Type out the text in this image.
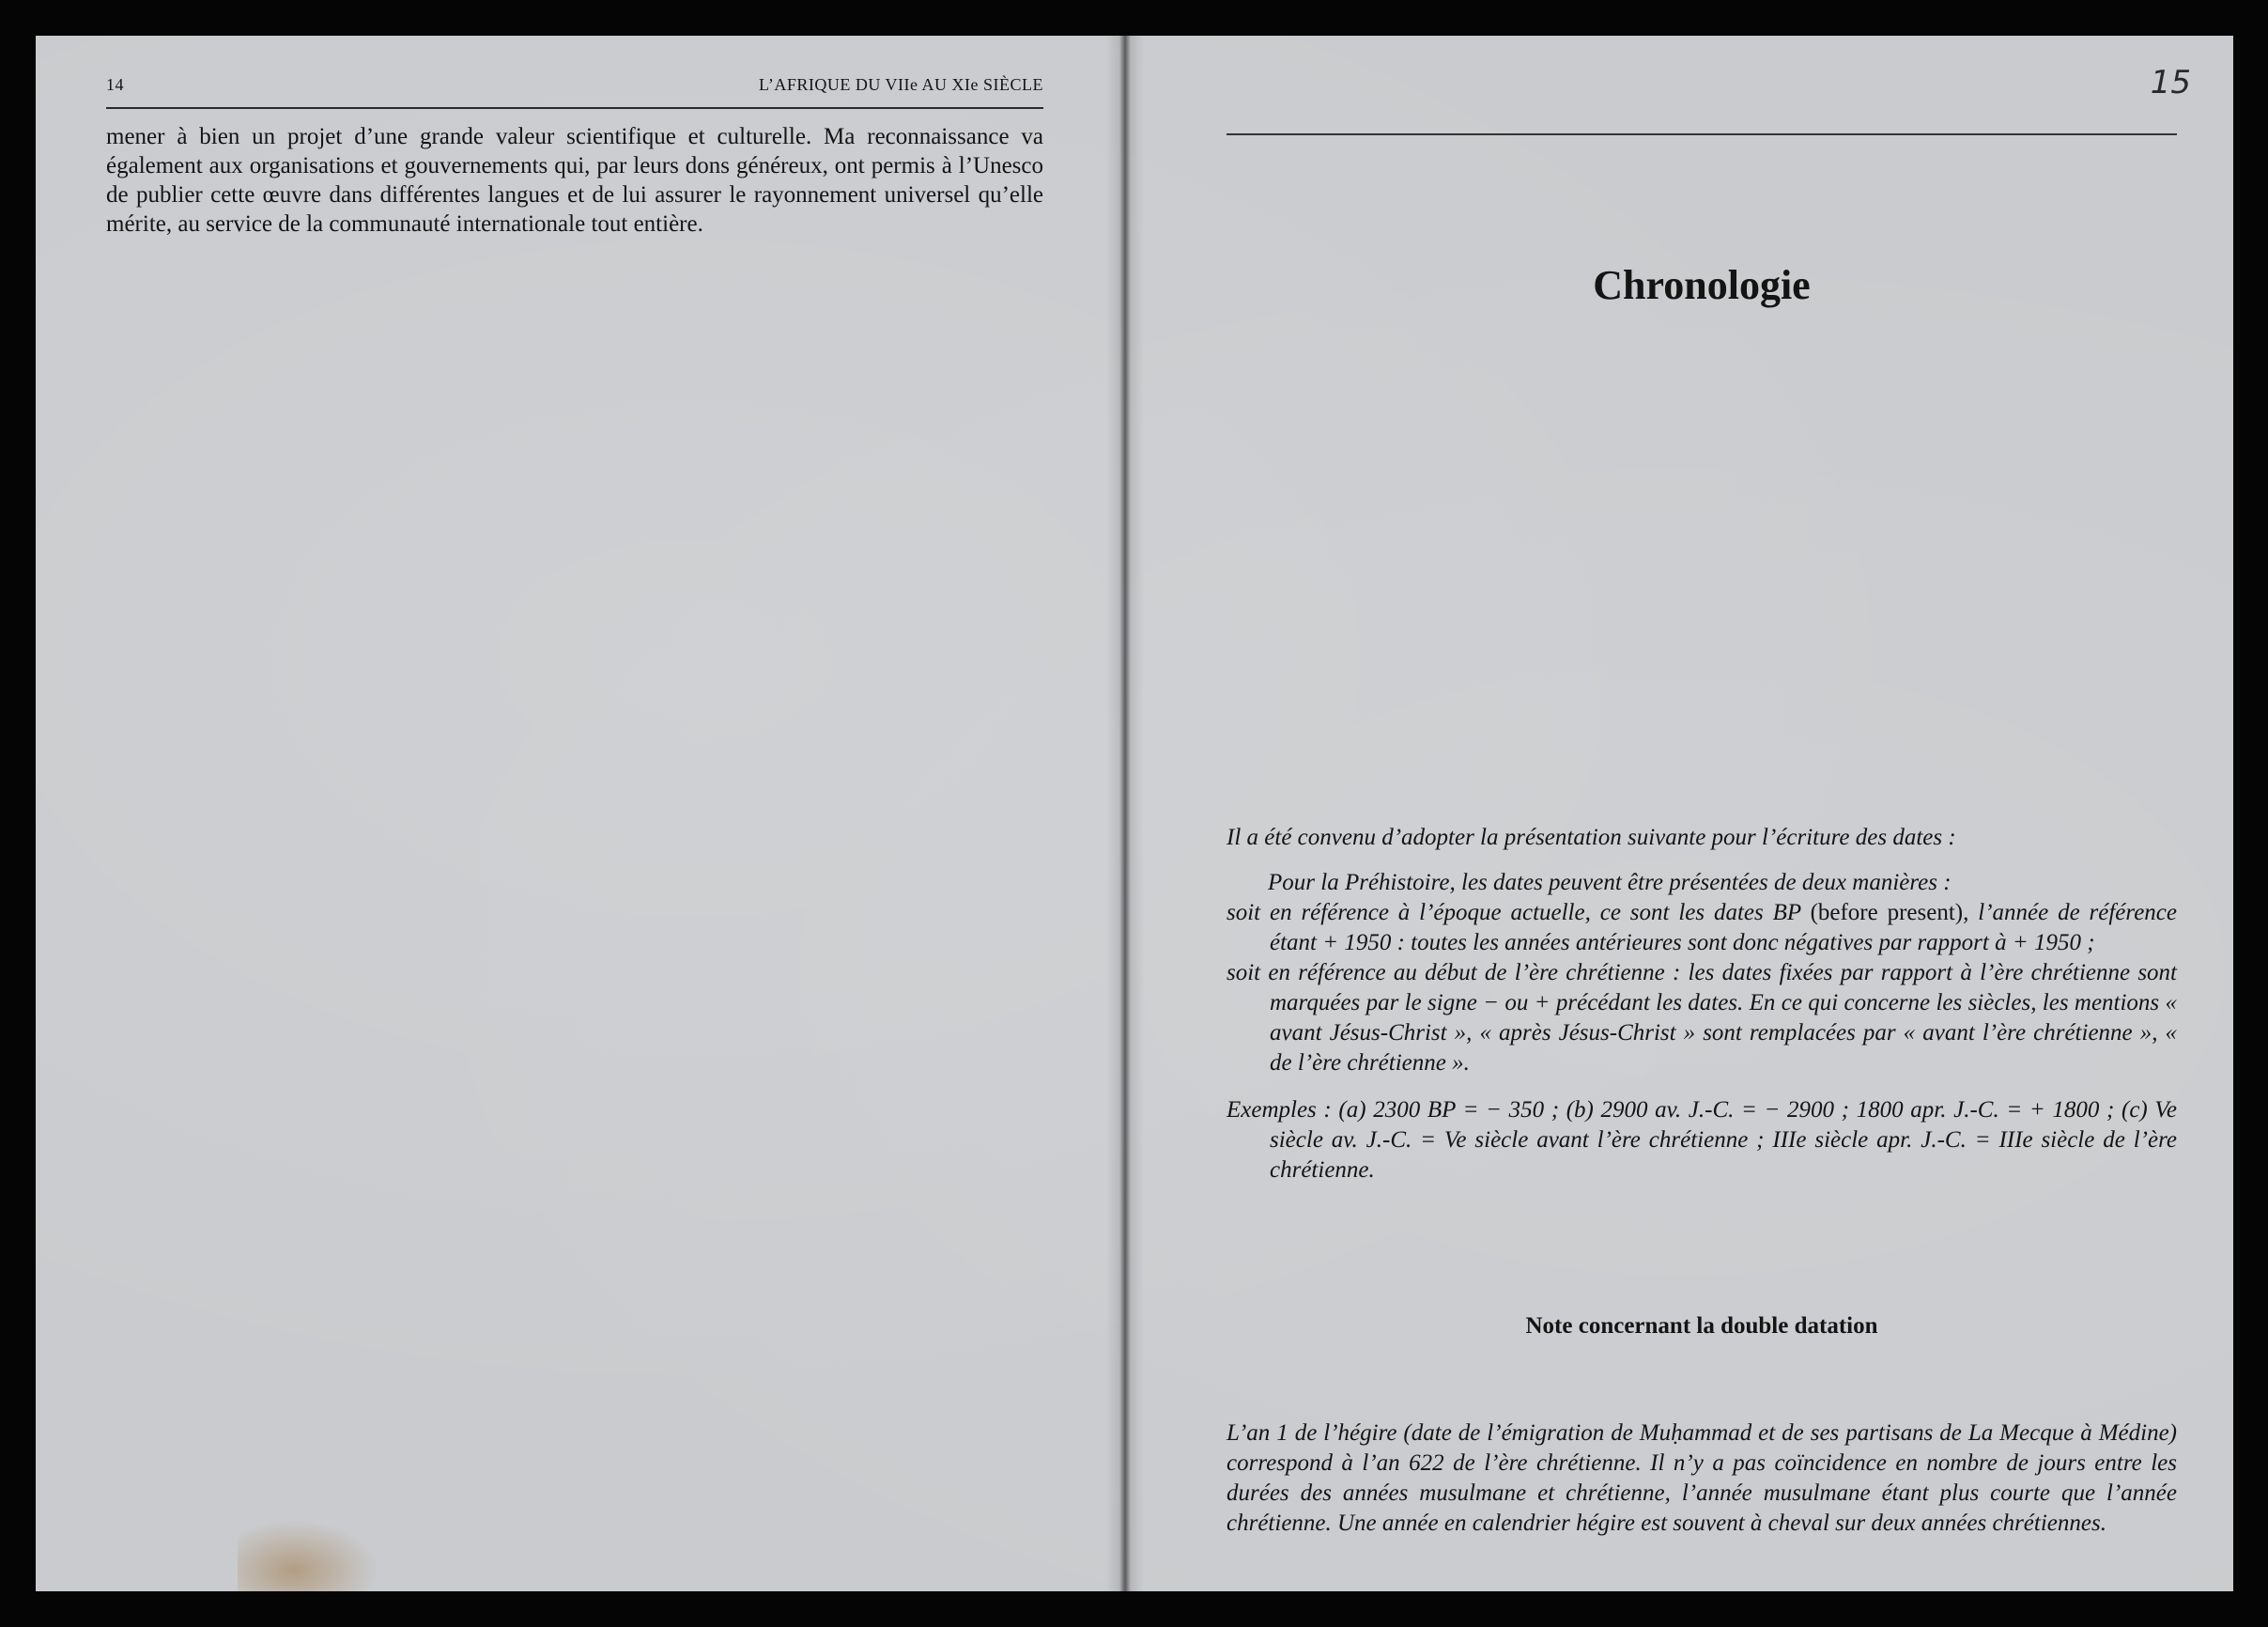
14	L’AFRIQUE DU VIIe AU XIe SIÈCLE

mener à bien un projet d’une grande valeur scientifique et culturelle. Ma reconnaissance va également aux organisations et gouvernements qui, par leurs dons généreux, ont permis à l’Unesco de publier cette œuvre dans différentes langues et de lui assurer le rayonnement universel qu’elle mérite, au service de la communauté internationale tout entière.

15
Chronologie

Il a été convenu d’adopter la présentation suivante pour l’écriture des dates :

Pour la Préhistoire, les dates peuvent être présentées de deux manières :

soit en référence à l’époque actuelle, ce sont les dates BP (before present), l’année de référence étant + 1950 : toutes les années antérieures sont donc négatives par rapport à + 1950 ;

soit en référence au début de l’ère chrétienne : les dates fixées par rapport à l’ère chrétienne sont marquées par le signe − ou + précédant les dates. En ce qui concerne les siècles, les mentions « avant Jésus-Christ », « après Jésus-Christ » sont remplacées par « avant l’ère chrétienne », « de l’ère chrétienne ».

Exemples : (a) 2300 BP = − 350 ; (b) 2900 av. J.-C. = − 2900 ; 1800 apr. J.-C. = + 1800 ; (c) Ve siècle av. J.-C. = Ve siècle avant l’ère chrétienne ; IIIe siècle apr. J.-C. = IIIe siècle de l’ère chrétienne.

Note concernant la double datation

L’an 1 de l’hégire (date de l’émigration de Muḥammad et de ses partisans de La Mecque à Médine) correspond à l’an 622 de l’ère chrétienne. Il n’y a pas coïncidence en nombre de jours entre les durées des années musulmane et chrétienne, l’année musulmane étant plus courte que l’année chrétienne. Une année en calendrier hégire est souvent à cheval sur deux années chrétiennes.
